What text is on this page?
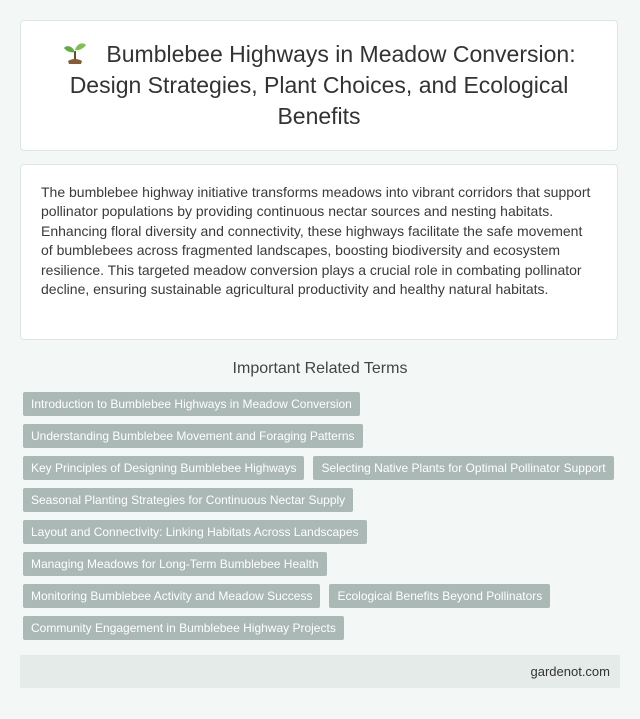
Bumblebee Highways in Meadow Conversion: Design Strategies, Plant Choices, and Ecological Benefits

The bumblebee highway initiative transforms meadows into vibrant corridors that support pollinator populations by providing continuous nectar sources and nesting habitats. Enhancing floral diversity and connectivity, these highways facilitate the safe movement of bumblebees across fragmented landscapes, boosting biodiversity and ecosystem resilience. This targeted meadow conversion plays a crucial role in combating pollinator decline, ensuring sustainable agricultural productivity and healthy natural habitats.

Important Related Terms
Introduction to Bumblebee Highways in Meadow Conversion
Understanding Bumblebee Movement and Foraging Patterns
Key Principles of Designing Bumblebee Highways	Selecting Native Plants for Optimal Pollinator Support
Seasonal Planting Strategies for Continuous Nectar Supply
Layout and Connectivity: Linking Habitats Across Landscapes
Managing Meadows for Long-Term Bumblebee Health
Monitoring Bumblebee Activity and Meadow Success	Ecological Benefits Beyond Pollinators
Community Engagement in Bumblebee Highway Projects
gardenot.com
